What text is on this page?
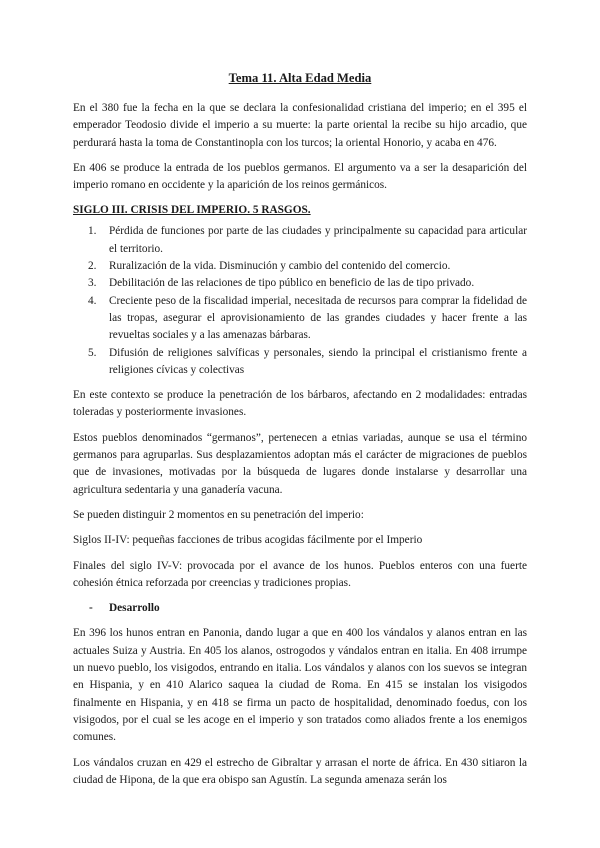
Tema 11. Alta Edad Media

En el 380 fue la fecha en la que se declara la confesionalidad cristiana del imperio; en el 395 el emperador Teodosio divide el imperio a su muerte: la parte oriental la recibe su hijo arcadio, que perdurará hasta la toma de Constantinopla con los turcos; la oriental Honorio, y acaba en 476.

En 406 se produce la entrada de los pueblos germanos. El argumento va a ser la desaparición del imperio romano en occidente y la aparición de los reinos germánicos.

SIGLO III. CRISIS DEL IMPERIO. 5 RASGOS.
1. Pérdida de funciones por parte de las ciudades y principalmente su capacidad para articular el territorio.
2. Ruralización de la vida. Disminución y cambio del contenido del comercio.
3. Debilitación de las relaciones de tipo público en beneficio de las de tipo privado.
4. Creciente peso de la fiscalidad imperial, necesitada de recursos para comprar la fidelidad de las tropas, asegurar el aprovisionamiento de las grandes ciudades y hacer frente a las revueltas sociales y a las amenazas bárbaras.
5. Difusión de religiones salvíficas y personales, siendo la principal el cristianismo frente a religiones cívicas y colectivas

En este contexto se produce la penetración de los bárbaros, afectando en 2 modalidades: entradas toleradas y posteriormente invasiones.

Estos pueblos denominados “germanos”, pertenecen a etnias variadas, aunque se usa el término germanos para agruparlas. Sus desplazamientos adoptan más el carácter de migraciones de pueblos que de invasiones, motivadas por la búsqueda de lugares donde instalarse y desarrollar una agricultura sedentaria y una ganadería vacuna.

Se pueden distinguir 2 momentos en su penetración del imperio:

Siglos II-IV: pequeñas facciones de tribus acogidas fácilmente por el Imperio

Finales del siglo IV-V: provocada por el avance de los hunos. Pueblos enteros con una fuerte cohesión étnica reforzada por creencias y tradiciones propias.

- Desarrollo

En 396 los hunos entran en Panonia, dando lugar a que en 400 los vándalos y alanos entran en las actuales Suiza y Austria. En 405 los alanos, ostrogodos y vándalos entran en italia. En 408 irrumpe un nuevo pueblo, los visigodos, entrando en italia. Los vándalos y alanos con los suevos se integran en Hispania, y en 410 Alarico saquea la ciudad de Roma. En 415 se instalan los visigodos finalmente en Hispania, y en 418 se firma un pacto de hospitalidad, denominado foedus, con los visigodos, por el cual se les acoge en el imperio y son tratados como aliados frente a los enemigos comunes.

Los vándalos cruzan en 429 el estrecho de Gibraltar y arrasan el norte de áfrica. En 430 sitiaron la ciudad de Hipona, de la que era obispo san Agustín. La segunda amenaza serán los
